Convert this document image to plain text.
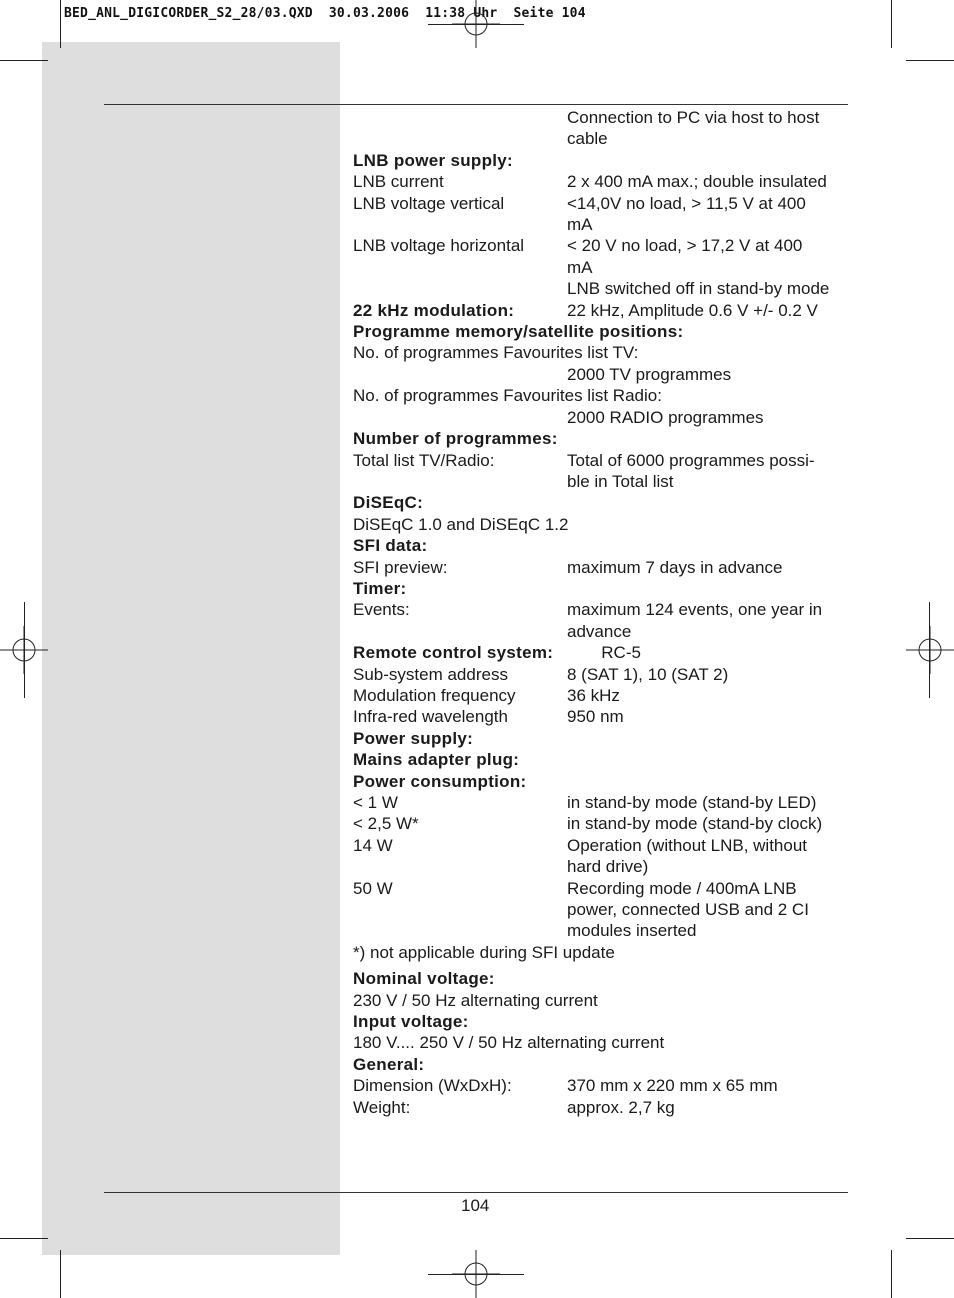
BED_ANL_DIGICORDER_S2_28/03.QXD  30.03.2006  11:38 Uhr  Seite 104
Connection to PC via host to host
cable
LNB power supply:
LNB current	2 x 400 mA max.; double insulated
LNB voltage vertical	<14,0V no load, > 11,5 V at 400
mA
LNB voltage horizontal	< 20 V no load, > 17,2 V at 400
mA
LNB switched off in stand-by mode
22 kHz modulation:	22 kHz, Amplitude 0.6 V +/- 0.2 V
Programme memory/satellite positions:
No. of programmes Favourites list TV:
2000 TV programmes
No. of programmes Favourites list Radio:
2000 RADIO programmes
Number of programmes:
Total list TV/Radio:	Total of 6000 programmes possi-
ble in Total list
DiSEqC:
DiSEqC 1.0 and DiSEqC 1.2
SFI data:
SFI preview:	maximum 7 days in advance
Timer:
Events:	maximum 124 events, one year in
advance
Remote control system:	RC-5
Sub-system address	8 (SAT 1), 10 (SAT 2)
Modulation frequency	36 kHz
Infra-red wavelength	950 nm
Power supply:
Mains adapter plug:
Power consumption:
< 1 W	in stand-by mode (stand-by LED)
< 2,5 W*	in stand-by mode (stand-by clock)
14 W	Operation (without LNB, without
hard drive)
50 W	Recording mode / 400mA LNB
power, connected USB and 2 CI
modules inserted
*) not applicable during SFI update
Nominal voltage:
230 V / 50 Hz alternating current
Input voltage:
180 V.... 250 V / 50 Hz alternating current
General:
Dimension (WxDxH):	370 mm x 220 mm x 65 mm
Weight:	approx. 2,7 kg
104
